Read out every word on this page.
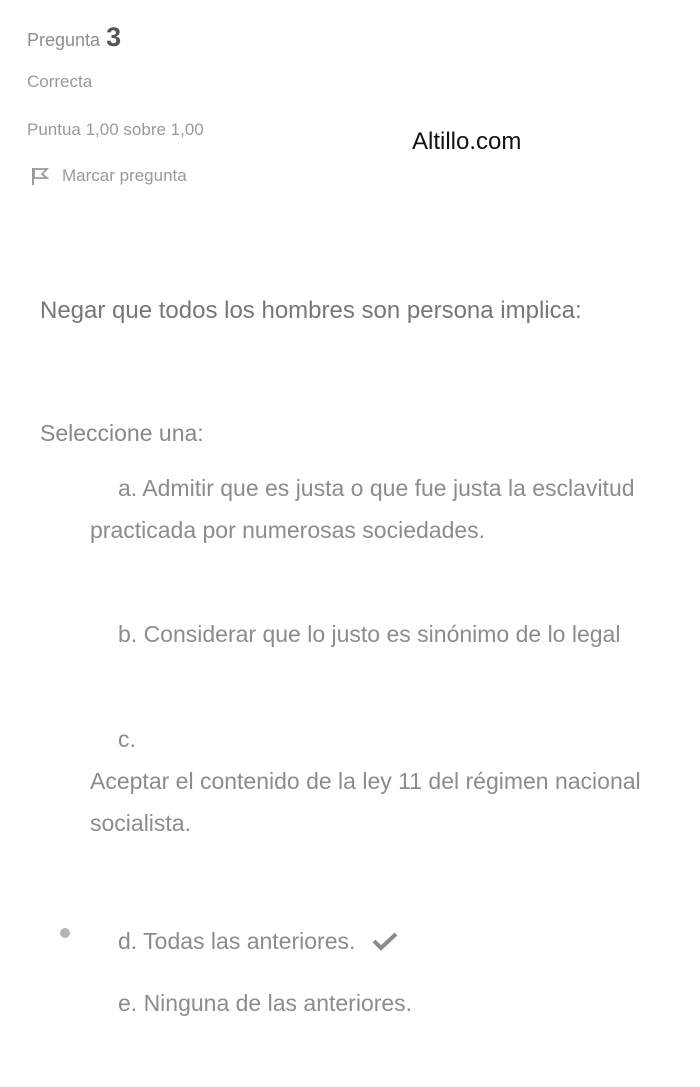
Pregunta 3
Correcta
Puntua 1,00 sobre 1,00
Marcar pregunta
Altillo.com
Negar que todos los hombres son persona implica:
Seleccione una:
a. Admitir que es justa o que fue justa la esclavitud practicada por numerosas sociedades.
b. Considerar que lo justo es sinónimo de lo legal
c.
Aceptar el contenido de la ley 11 del régimen nacional socialista.
d. Todas las anteriores.
e. Ninguna de las anteriores.
